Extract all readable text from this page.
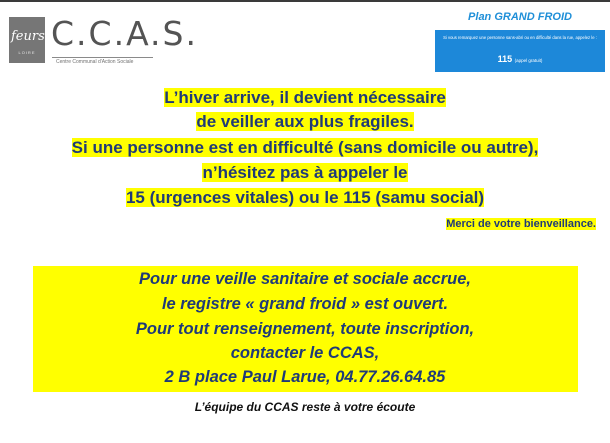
feurs
LOIRE C.C.A.S.
Centre Communal d'Action Sociale
Plan GRAND FROID
Si vous remarquez une personne sans-abri ou en difficulté dans la rue, appelez le :
115 (appel gratuit)
L’hiver arrive, il devient nécessaire
de veiller aux plus fragiles.
Si une personne est en difficulté (sans domicile ou autre),
n’hésitez pas à appeler le
15 (urgences vitales) ou le 115 (samu social)
Merci de votre bienveillance.
Pour une veille sanitaire et sociale accrue,
le registre « grand froid » est ouvert.
Pour tout renseignement, toute inscription,
contacter le CCAS,
2 B place Paul Larue, 04.77.26.64.85
L’équipe du CCAS reste à votre écoute
